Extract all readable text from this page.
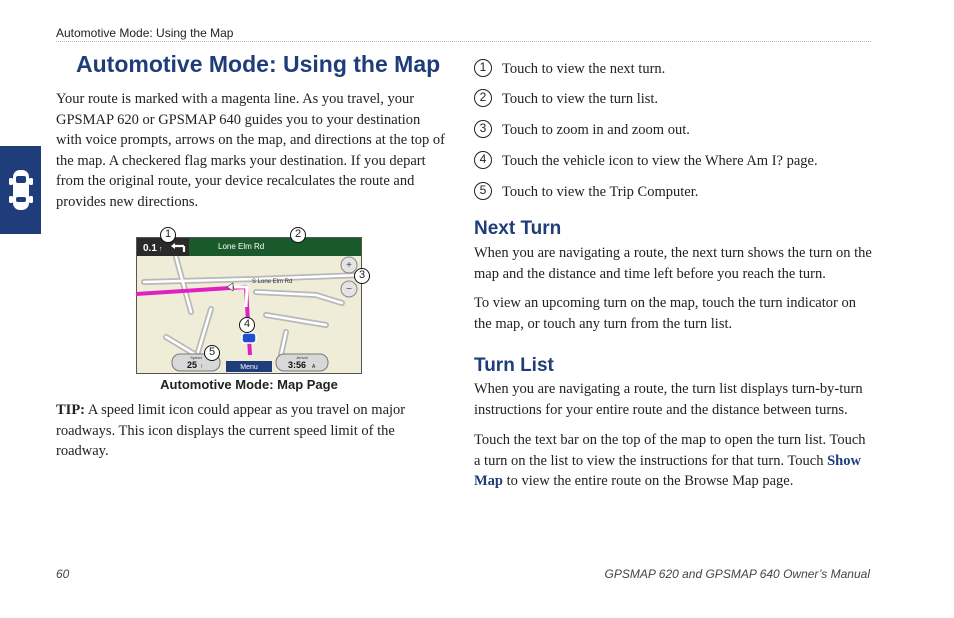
Automotive Mode: Using the Map
Automotive Mode: Using the Map

Your route is marked with a magenta line. As you travel, your GPSMAP 620 or GPSMAP 640 guides you to your destination with voice prompts, arrows on the map, and directions at the top of the map. A checkered flag marks your destination. If you depart from the original route, your device recalculates the route and provides new directions.

0.1 ↑	Lone Elm Rd
S Lone Elm Rd
+
−
Speed
25 ↑	Menu
Arrival
3:56 A
1	2
3
4
5
Automotive Mode: Map Page

TIP: A speed limit icon could appear as you travel on major roadways. This icon displays the current speed limit of the roadway.

1	Touch to view the next turn.
2	Touch to view the turn list.
3	Touch to zoom in and zoom out.
4	Touch the vehicle icon to view the Where Am I? page.
5	Touch to view the Trip Computer.
Next Turn

When you are navigating a route, the next turn shows the turn on the map and the distance and time left before you reach the turn.

To view an upcoming turn on the map, touch the turn indicator on the map, or touch any turn from the turn list.

Turn List

When you are navigating a route, the turn list displays turn-by-turn instructions for your entire route and the distance between turns.

Touch the text bar on the top of the map to open the turn list. Touch a turn on the list to view the instructions for that turn. Touch Show Map to view the entire route on the Browse Map page.

60	GPSMAP 620 and GPSMAP 640 Owner’s Manual
